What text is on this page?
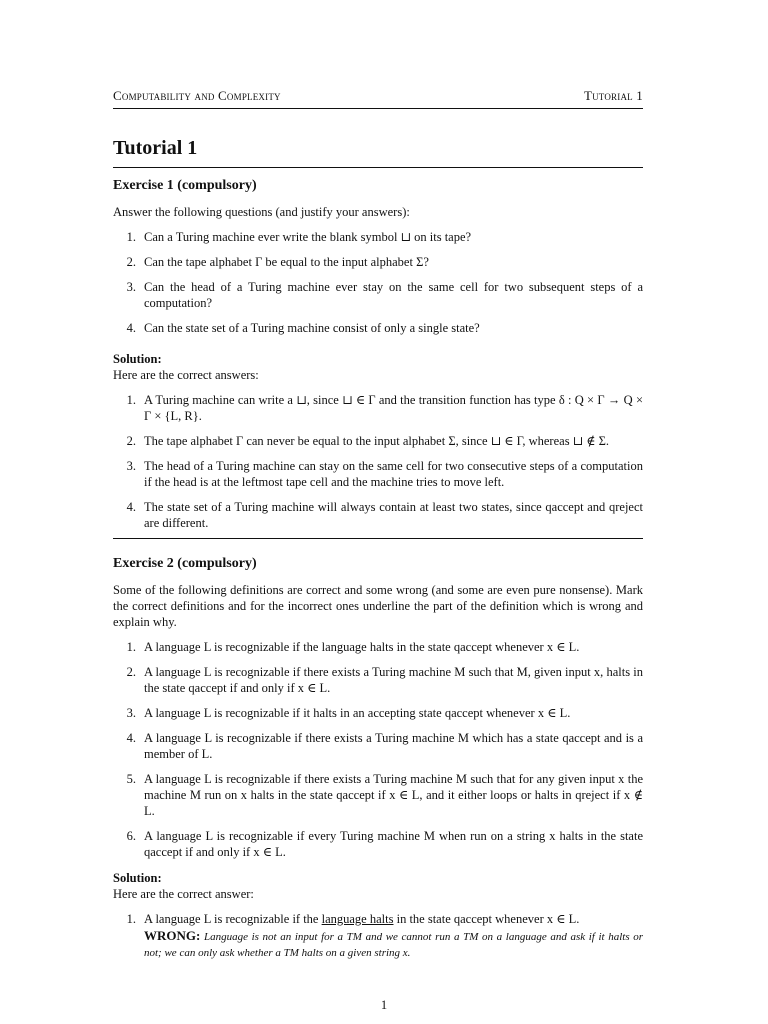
Computability and Complexity	Tutorial 1
Tutorial 1
Exercise 1 (compulsory)
Answer the following questions (and justify your answers):
1. Can a Turing machine ever write the blank symbol ⊔ on its tape?
2. Can the tape alphabet Γ be equal to the input alphabet Σ?
3. Can the head of a Turing machine ever stay on the same cell for two subsequent steps of a computation?
4. Can the state set of a Turing machine consist of only a single state?
Solution:
Here are the correct answers:
1. A Turing machine can write a ⊔, since ⊔ ∈ Γ and the transition function has type δ : Q × Γ → Q × Γ × {L, R}.
2. The tape alphabet Γ can never be equal to the input alphabet Σ, since ⊔ ∈ Γ, whereas ⊔ ∉ Σ.
3. The head of a Turing machine can stay on the same cell for two consecutive steps of a computation if the head is at the leftmost tape cell and the machine tries to move left.
4. The state set of a Turing machine will always contain at least two states, since qaccept and qreject are different.
Exercise 2 (compulsory)
Some of the following definitions are correct and some wrong (and some are even pure nonsense). Mark the correct definitions and for the incorrect ones underline the part of the definition which is wrong and explain why.
1. A language L is recognizable if the language halts in the state qaccept whenever x ∈ L.
2. A language L is recognizable if there exists a Turing machine M such that M, given input x, halts in the state qaccept if and only if x ∈ L.
3. A language L is recognizable if it halts in an accepting state qaccept whenever x ∈ L.
4. A language L is recognizable if there exists a Turing machine M which has a state qaccept and is a member of L.
5. A language L is recognizable if there exists a Turing machine M such that for any given input x the machine M run on x halts in the state qaccept if x ∈ L, and it either loops or halts in qreject if x ∉ L.
6. A language L is recognizable if every Turing machine M when run on a string x halts in the state qaccept if and only if x ∈ L.
Solution:
Here are the correct answer:
1. A language L is recognizable if the language halts in the state qaccept whenever x ∈ L.
WRONG: Language is not an input for a TM and we cannot run a TM on a language and ask if it halts or not; we can only ask whether a TM halts on a given string x.
1
